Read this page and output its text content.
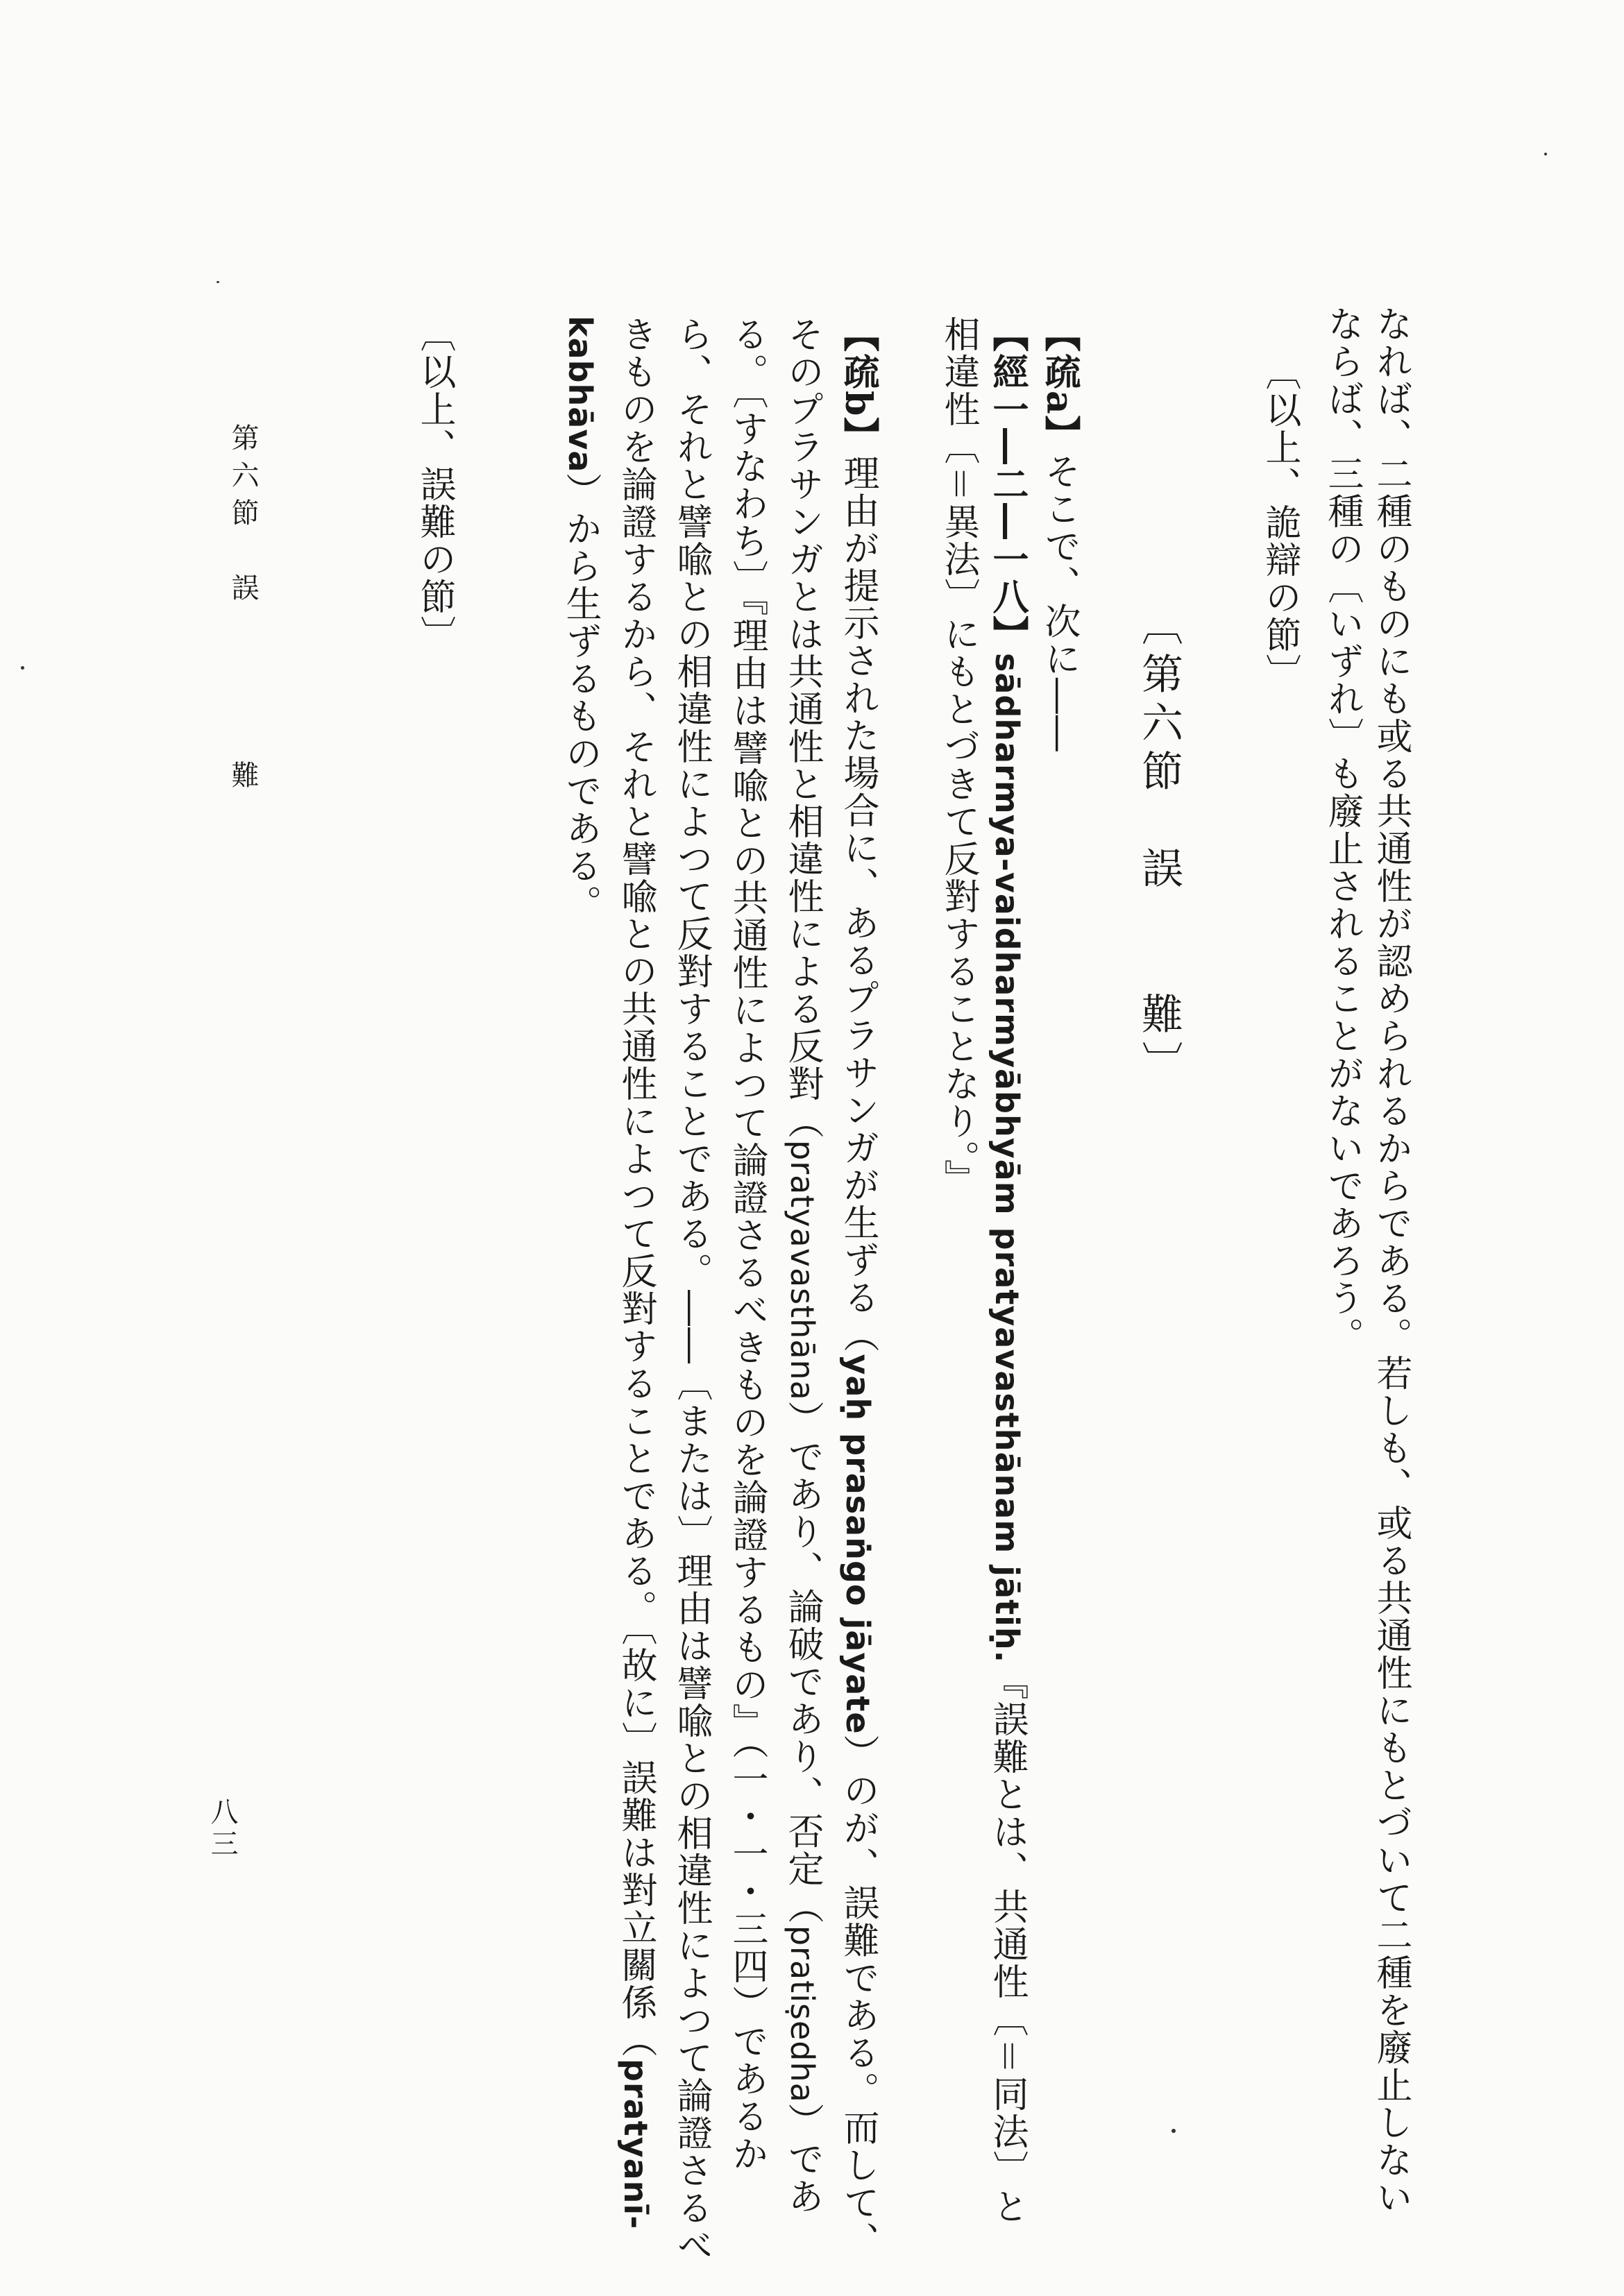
なれば、二種のものにも或る共通性が認められるからである。若しも、或る共通性にもとづいて二種を廢止しない
ならば、三種の〔いずれ〕も廢止されることがないであろう。
〔以上、詭辯の節〕
〔第六節　誤　　難〕
【疏a】そこで、次に――
【經一―二―一八】sādharmya-vaidharmyābhyām pratyavasthānam jātiḥ.『誤難とは、共通性〔＝同法〕と
相違性〔＝異法〕にもとづきて反對することなり。』
【疏b】理由が提示された場合に、あるプラサンガが生ずる（yaḥ prasaṅgo jāyate）のが、誤難である。而して、
そのプラサンガとは共通性と相違性による反對（pratyavasthāna）であり、論破であり、否定（pratiṣedha）であ
る。〔すなわち〕『理由は譬喩との共通性によつて論證さるべきものを論證するもの』（一・一・三四）であるか
ら、それと譬喩との相違性によつて反對することである。――〔または〕理由は譬喩との相違性によつて論證さるべ
きものを論證するから、それと譬喩との共通性によつて反對することである。〔故に〕誤難は對立關係（pratyanī-
kabhāva）から生ずるものである。
〔以上、誤難の節〕
第六節　誤　　　　難
八三
